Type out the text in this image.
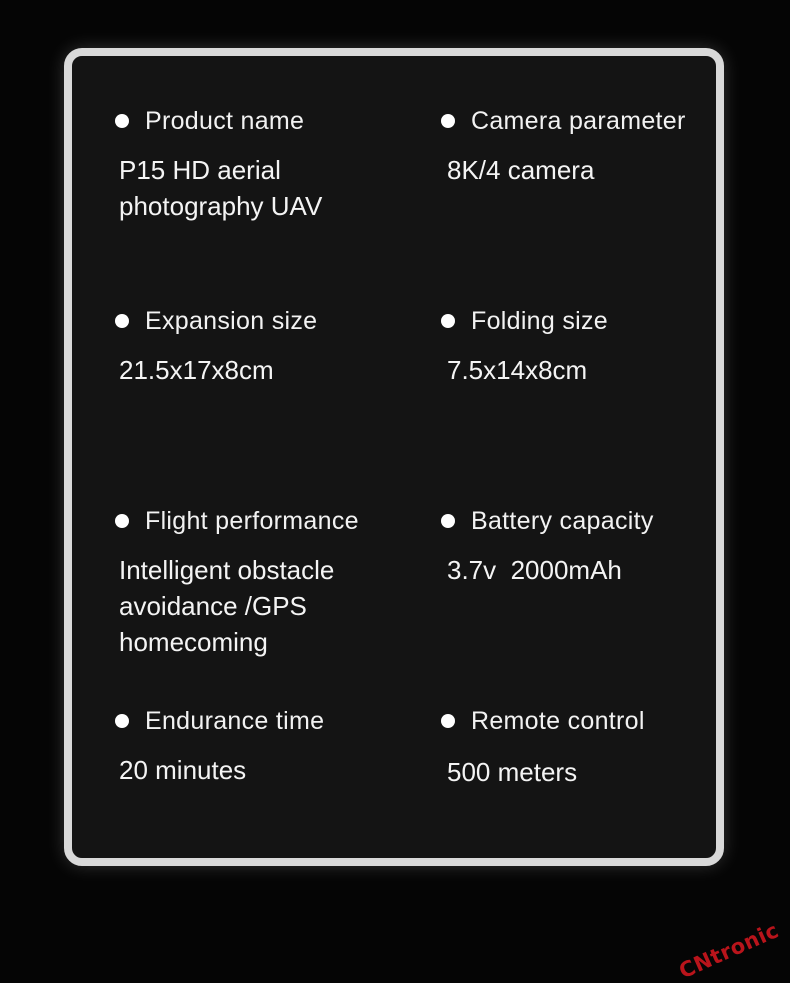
Product name
P15 HD aerial
photography UAV
Camera parameter
8K/4 camera
Expansion size
21.5x17x8cm
Folding size
7.5x14x8cm
Flight performance
Intelligent obstacle
avoidance /GPS
homecoming
Battery capacity
3.7v  2000mAh
Endurance time
20 minutes
Remote control
500 meters
